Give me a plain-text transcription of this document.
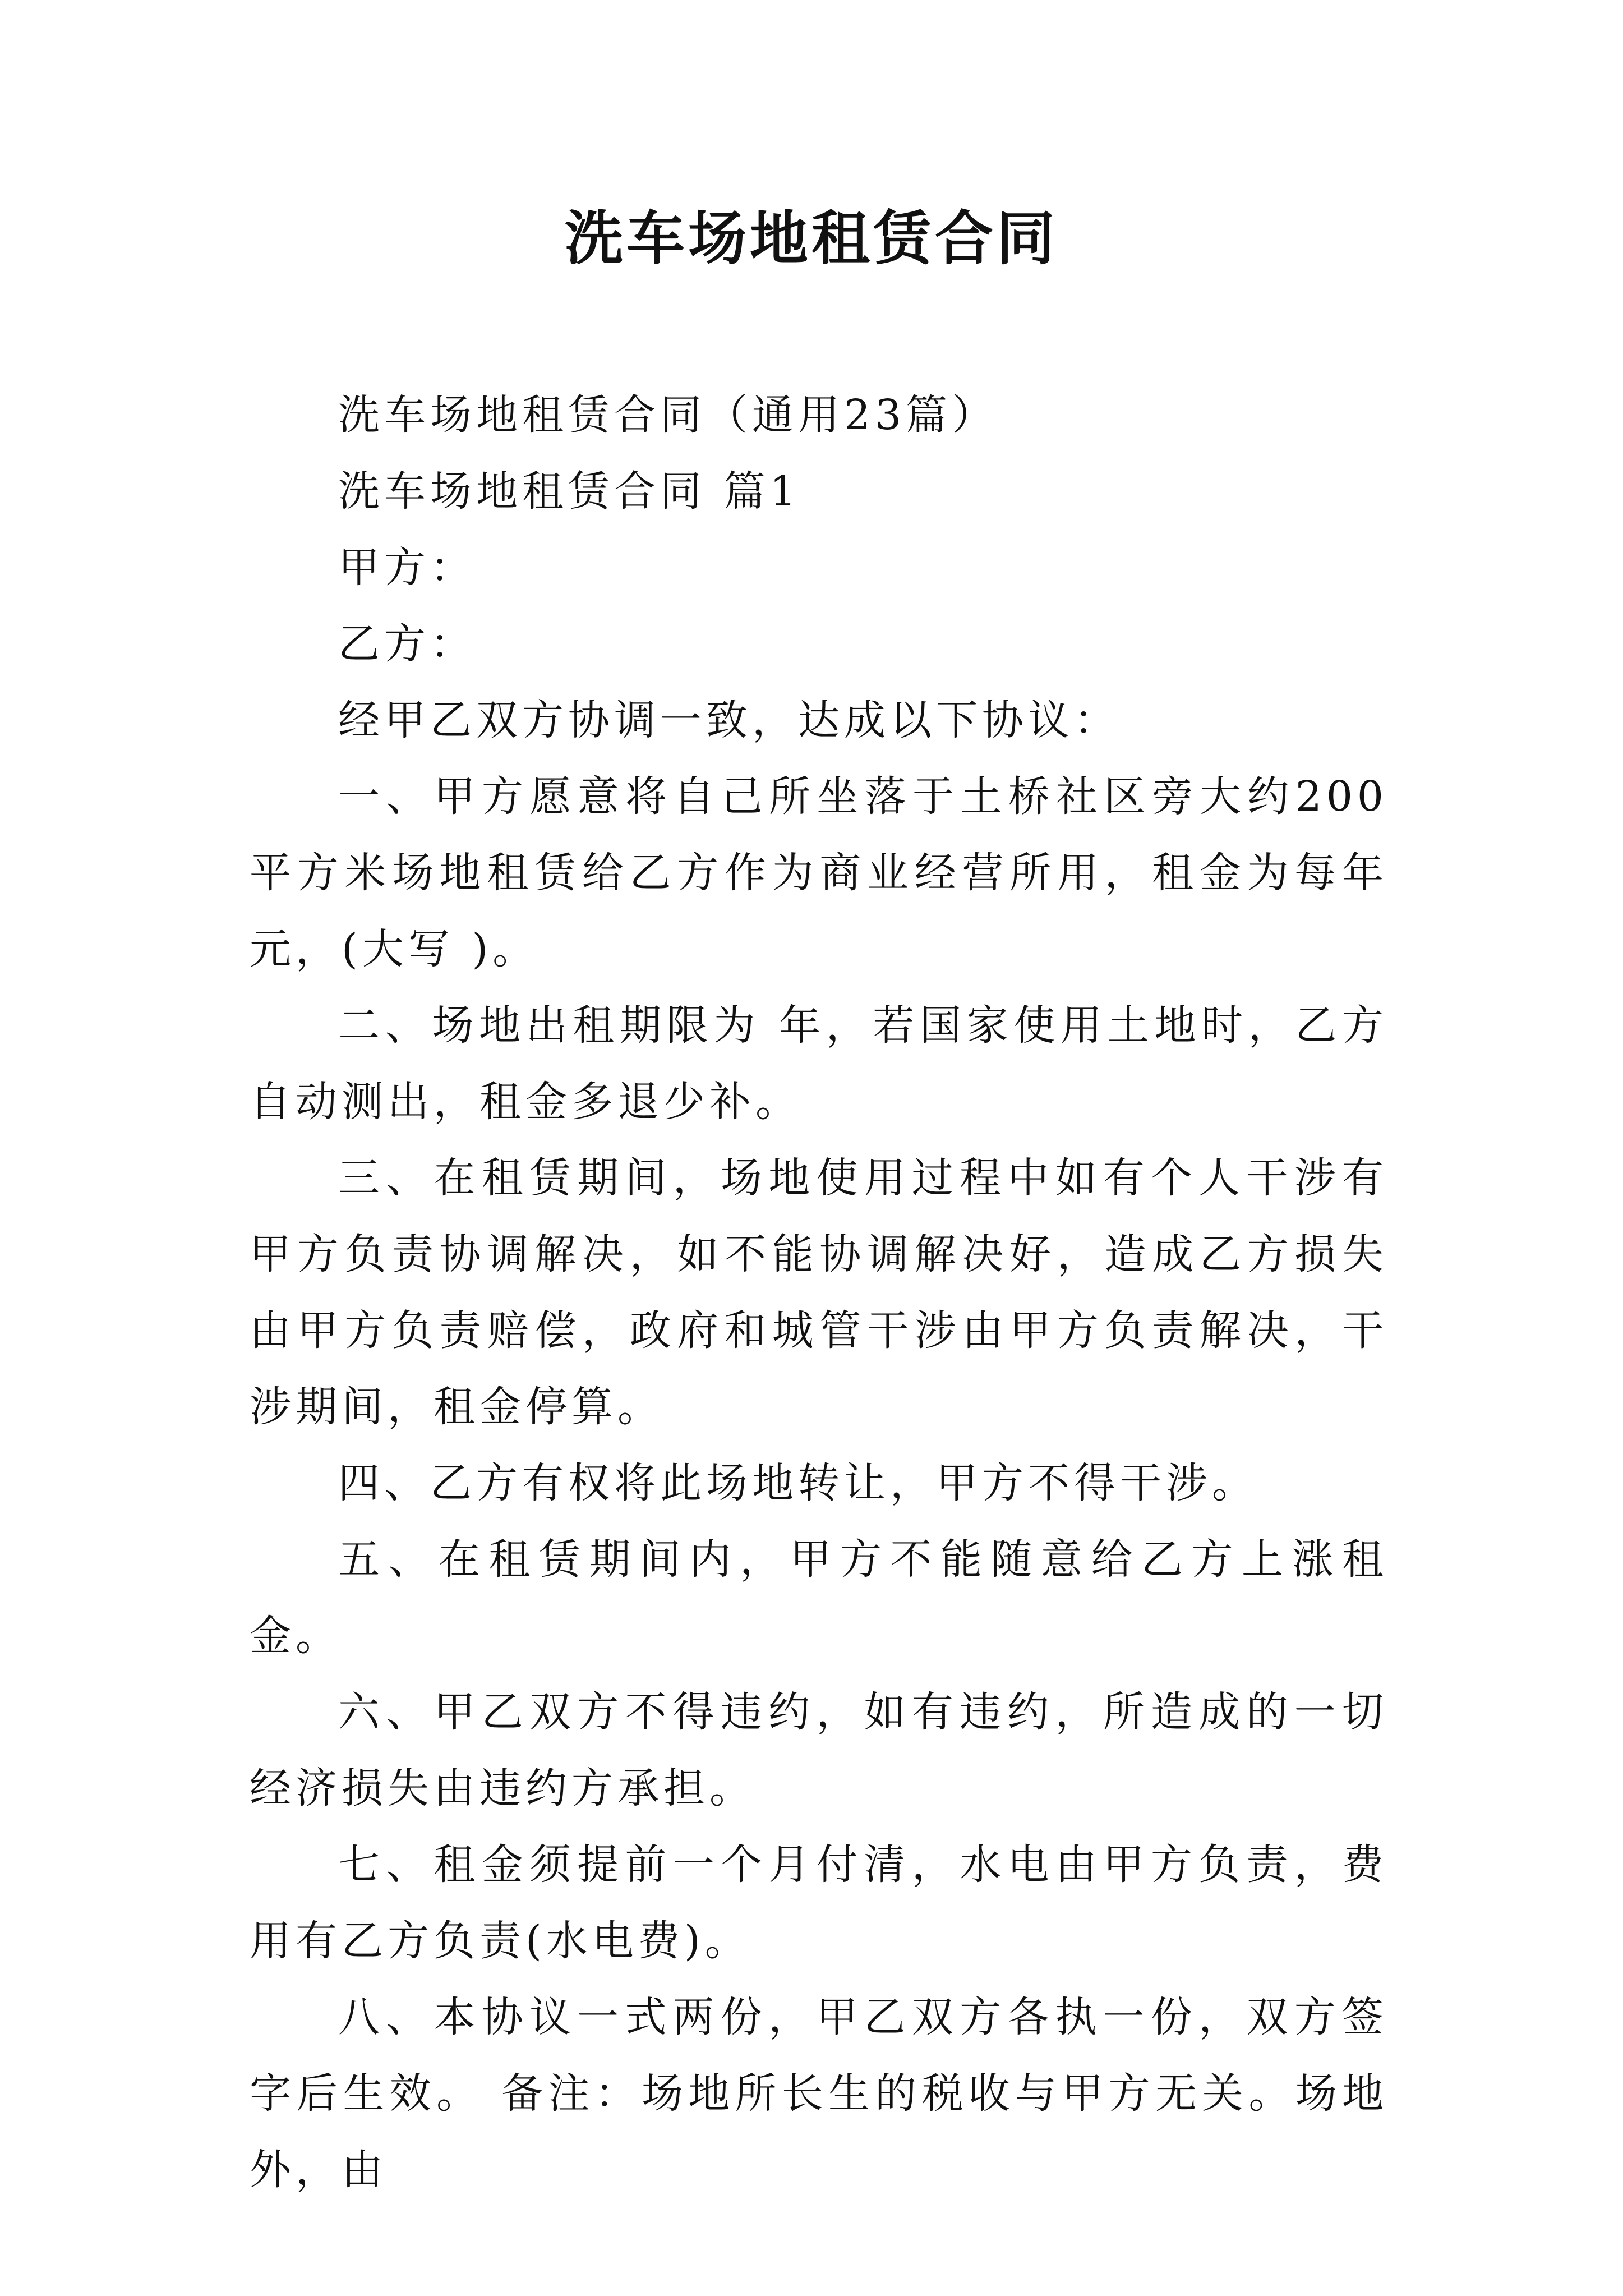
洗车场地租赁合同

洗车场地租赁合同（通用23篇）

洗车场地租赁合同 篇1

甲方：

乙方：

经甲乙双方协调一致，达成以下协议：

一、甲方愿意将自己所坐落于土桥社区旁大约200平方米场地租赁给乙方作为商业经营所用，租金为每年 元，(大写 )。

二、场地出租期限为 年，若国家使用土地时，乙方自动测出，租金多退少补。

三、在租赁期间，场地使用过程中如有个人干涉有甲方负责协调解决，如不能协调解决好，造成乙方损失由甲方负责赔偿，政府和城管干涉由甲方负责解决，干涉期间，租金停算。

四、乙方有权将此场地转让，甲方不得干涉。

五、在租赁期间内，甲方不能随意给乙方上涨租金。

六、甲乙双方不得违约，如有违约，所造成的一切经济损失由违约方承担。

七、租金须提前一个月付清，水电由甲方负责，费用有乙方负责(水电费)。

八、本协议一式两份，甲乙双方各执一份，双方签字后生效。 备注：场地所长生的税收与甲方无关。场地外，由
